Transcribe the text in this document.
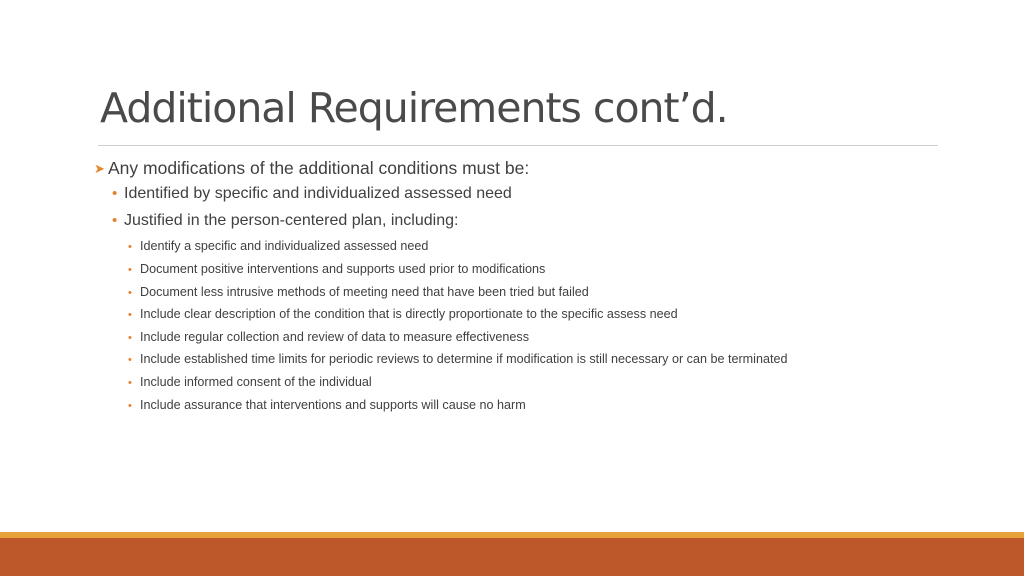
Additional Requirements cont’d.
➤ Any modifications of the additional conditions must be:
• Identified by specific and individualized assessed need
• Justified in the person-centered plan, including:
• Identify a specific and individualized assessed need
• Document positive interventions and supports used prior to modifications
• Document less intrusive methods of meeting need that have been tried but failed
• Include clear description of the condition that is directly proportionate to the specific assess need
• Include regular collection and review of data to measure effectiveness
• Include established time limits for periodic reviews to determine if modification is still necessary or can be terminated
• Include informed consent of the individual
• Include assurance that interventions and supports will cause no harm
